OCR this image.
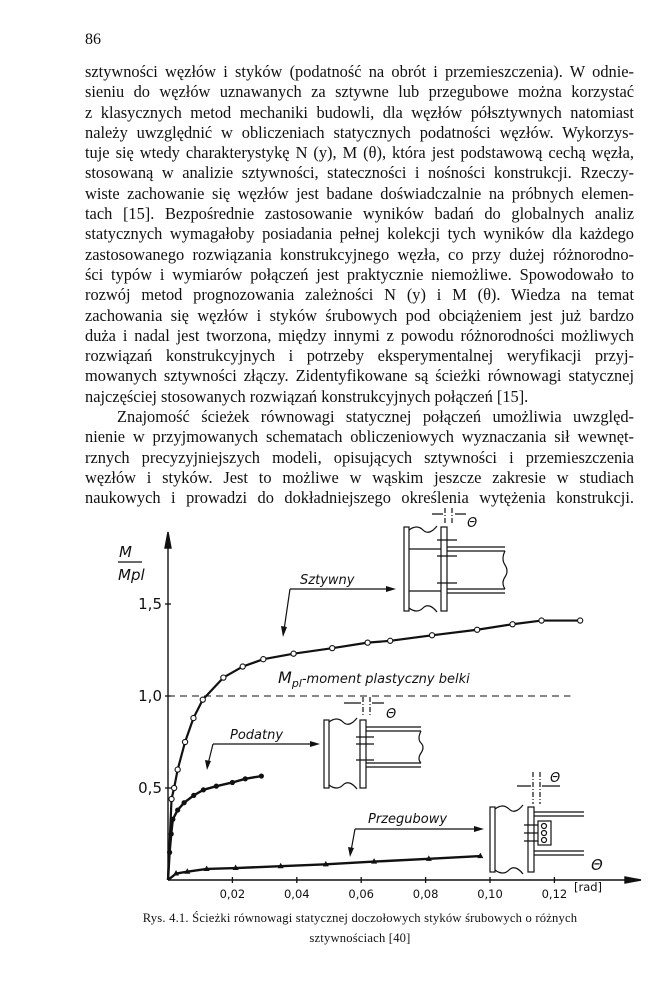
86
sztywności węzłów i styków (podatność na obrót i przemieszczenia). W odnie-
sieniu do węzłów uznawanych za sztywne lub przegubowe można korzystać
z klasycznych metod mechaniki budowli, dla węzłów półsztywnych natomiast
należy uwzględnić w obliczeniach statycznych podatności węzłów. Wykorzys-
tuje się wtedy charakterystykę N (y), M (θ), która jest podstawową cechą węzła,
stosowaną w analizie sztywności, stateczności i nośności konstrukcji. Rzeczy-
wiste zachowanie się węzłów jest badane doświadczalnie na próbnych elemen-
tach [15]. Bezpośrednie zastosowanie wyników badań do globalnych analiz
statycznych wymagałoby posiadania pełnej kolekcji tych wyników dla każdego
zastosowanego rozwiązania konstrukcyjnego węzła, co przy dużej różnorodno-
ści typów i wymiarów połączeń jest praktycznie niemożliwe. Spowodowało to
rozwój metod prognozowania zależności N (y) i M (θ). Wiedza na temat
zachowania się węzłów i styków śrubowych pod obciążeniem jest już bardzo
duża i nadal jest tworzona, między innymi z powodu różnorodności możliwych
rozwiązań konstrukcyjnych i potrzeby eksperymentalnej weryfikacji przyj-
mowanych sztywności złączy. Zidentyfikowane są ścieżki równowagi statycznej
najczęściej stosowanych rozwiązań konstrukcyjnych połączeń [15].
Znajomość ścieżek równowagi statycznej połączeń umożliwia uwzględ-
nienie w przyjmowanych schematach obliczeniowych wyznaczania sił wewnęt-
rznych precyzyjniejszych modeli, opisujących sztywności i przemieszczenia
węzłów i styków. Jest to możliwe w wąskim jeszcze zakresie w studiach
naukowych i prowadzi do dokładniejszego określenia wytężenia konstrukcji.
0,02	0,04	0,06	0,08	0,10	0,12
0,5
1,0
1,5
$M_{pl}$-moment plastyczny belki
M
Mpl
Θ
[rad]
Sztywny
Podatny
Przegubowy
Θ
Θ
Θ
Rys. 4.1. Ścieżki równowagi statycznej doczołowych styków śrubowych o różnych
sztywnościach [40]
